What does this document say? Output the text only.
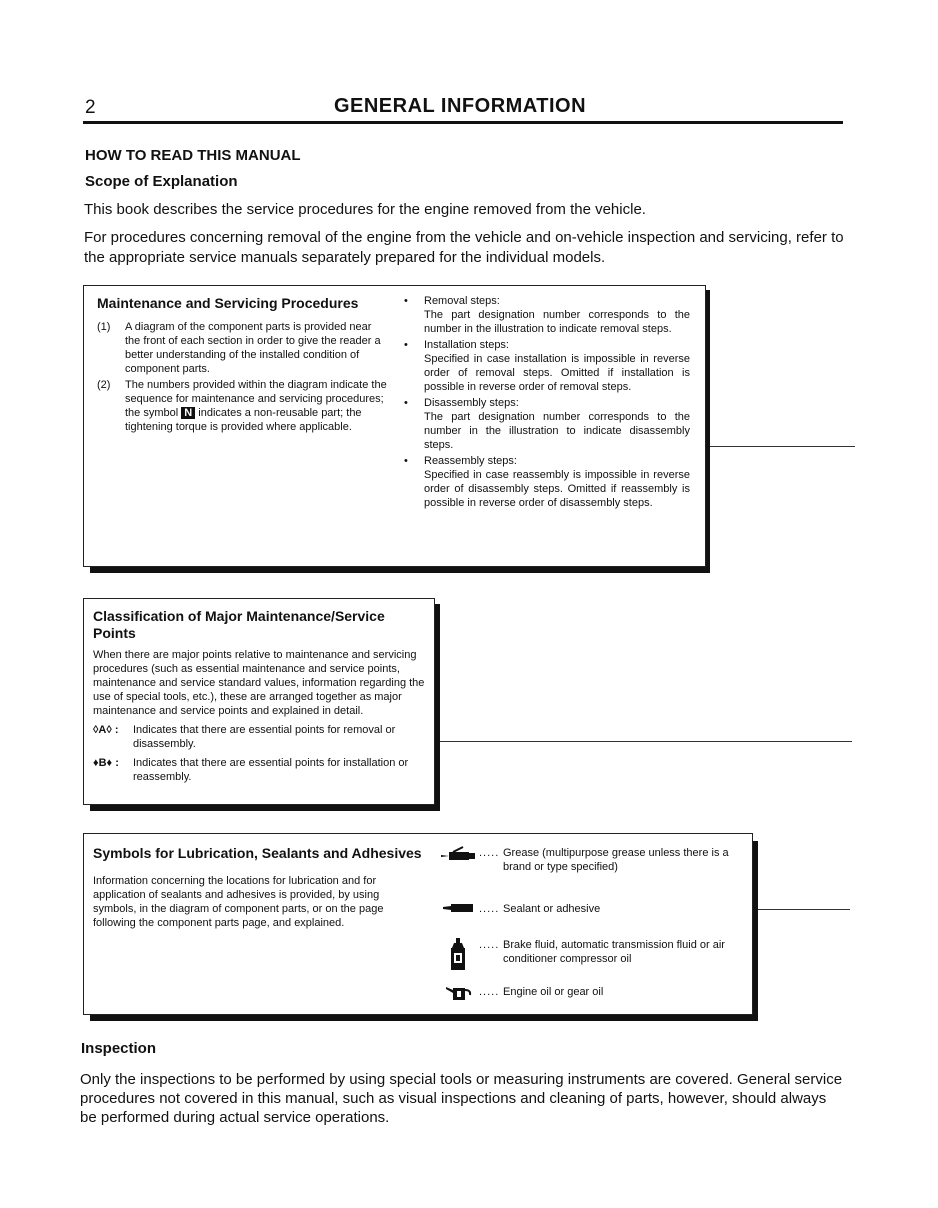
2	GENERAL INFORMATION
HOW TO READ THIS MANUAL
Scope of Explanation
This book describes the service procedures for the engine removed from the vehicle.
For procedures concerning removal of the engine from the vehicle and on-vehicle inspection and servicing, refer to the appropriate service manuals separately prepared for the individual models.
Maintenance and Servicing Procedures
(1)	A diagram of the component parts is provided near the front of each section in order to give the reader a better understanding of the installed condition of component parts.
(2)	The numbers provided within the diagram indicate the sequence for maintenance and servicing procedures; the symbol N indicates a non-reusable part; the tightening torque is provided where applicable.
• Removal steps:
The part designation number corresponds to the number in the illustration to indicate removal steps.
• Installation steps:
Specified in case installation is impossible in reverse order of removal steps. Omitted if installation is possible in reverse order of removal steps.
• Disassembly steps:
The part designation number corresponds to the number in the illustration to indicate disassembly steps.
• Reassembly steps:
Specified in case reassembly is impossible in reverse order of disassembly steps. Omitted if reassembly is possible in reverse order of disassembly steps.
Classification of Major Maintenance/Service Points
When there are major points relative to maintenance and servicing procedures (such as essential maintenance and service points, maintenance and service standard values, information regarding the use of special tools, etc.), these are arranged together as major maintenance and service points and explained in detail.
◊A◊ :	Indicates that there are essential points for removal or disassembly.
♦B♦ :	Indicates that there are essential points for installation or reassembly.
Symbols for Lubrication, Sealants and Adhesives
Information concerning the locations for lubrication and for application of sealants and adhesives is provided, by using symbols, in the diagram of component parts, or on the page following the component parts page, and explained.
..... Grease (multipurpose grease unless there is a brand or type specified)
..... Sealant or adhesive
..... Brake fluid, automatic transmission fluid or air conditioner compressor oil
..... Engine oil or gear oil
Inspection
Only the inspections to be performed by using special tools or measuring instruments are covered. General service procedures not covered in this manual, such as visual inspections and cleaning of parts, however, should always be performed during actual service operations.
